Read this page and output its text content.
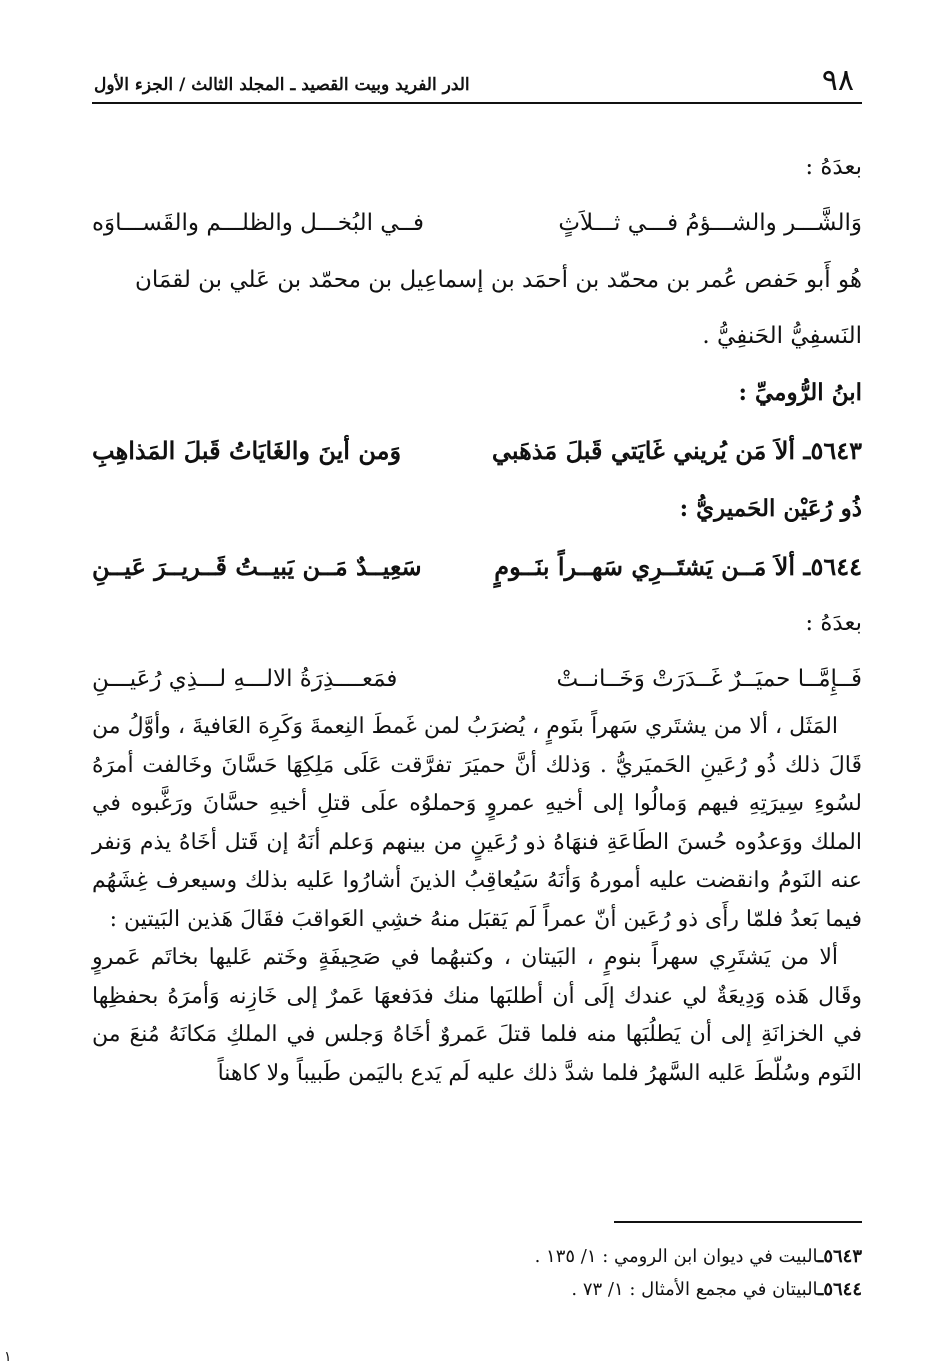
٩٨
الدر الفريد وبيت القصيد ـ المجلد الثالث / الجزء الأول
بعدَهُ :
وَالشَّـــر والشـــؤمُ فـــي ثـــلاَثٍ
فــي البُخـــل والظلـــم والقَســـاوَه
هُو أَبو حَفص عُمر بن محمّد بن أحمَد بن إسماعِيل بن محمّد بن عَلي بن لقمَان
النَسفِيُّ الحَنفِيُّ .
ابنُ الرُّوميِّ :
٥٦٤٣ـ ألاَ مَن يُريني غَايَتي قَبلَ مَذهَبي
وَمن أينَ والغَايَاتُ قَبلَ المَذاهِبِ
ذُو رُعَيْن الحَميريُّ :
٥٦٤٤ـ ألاَ مَــن يَشتَــرِي سَهــراً بنَــومٍ
سَعِيــدٌ مَــن يَبيــتُ قَــريــرَ عَيــنِ
بعدَهُ :
فَــإِمَّــا حميَــرٌ غَــدَرَتْ وَخَــانــتْ
فمَعــــذِرَةُ الالـــهِ لـــذِي رُعَيـــنِ

المَثَل ، ألا من يشتَري سَهراً بنَومٍ ، يُضرَبُ لمن غَمطَ النِعمةَ وَكَرِهَ العَافيةَ ، وأوَّلُ من قَالَ ذلك ذُو رُعَينِ الحَميَريُّ . وَذلك أنَّ حميَرَ تفرَّقت عَلَى مَلِكِهَا حَسَّانَ وخَالفت أمرَهُ لسُوءِ سِيرَتِهِ فيهم وَمالُوا إلى أخيهِ عمروٍ وَحملوُه علَى قتلِ أخيهِ حسَّانَ ورَغَّبوه في الملك ووَعدُوه حُسنَ الطَاعَةِ فنهَاهُ ذو رُعَينٍ من بينهم وَعلم أنَهُ إن قَتل أخَاهُ يذم وَنفر عنه النَومُ وانقضت عليه أمورهُ وَأنَهُ سَيُعاقِبُ الذينَ أشارُوا عَليه بذلك وسيعرف غِشَهُم فيما بَعدُ فلمّا رأَى ذو رُعَين أنّ عمراً لَم يَقبَل منهُ خشِي العَواقبَ فقَالَ هَذين البَيتين :

ألا من يَشتَرِي سهراً بنومٍ ، البَيتان ، وكتبهُما في صَحِيفَةٍ وخَتم عَليها بخاتَم عَمروٍ وقَال هَذه وَدِيعَةٌ لي عندك إلَى أن أطلبَها منك فدَفعهَا عَمرٌ إلى خَازِنه وَأمرَهُ بحفظِها في الخزانَةِ إلى أن يَطلُبَها منه فلما قتلَ عَمروٌ أخَاهُ وَجلس في الملكِ مَكانَهُ مُنعَ من النَوم وسُلّطَ عَليه السَّهرُ فلما شدَّ ذلك عليه لَم يَدع باليَمن طَبيباً ولا كاهناً

٥٦٤٣ـالبيت في ديوان ابن الرومي : ١/ ١٣٥ .
٥٦٤٤ـالبيتان في مجمع الأمثال : ١/ ٧٣ .
١
